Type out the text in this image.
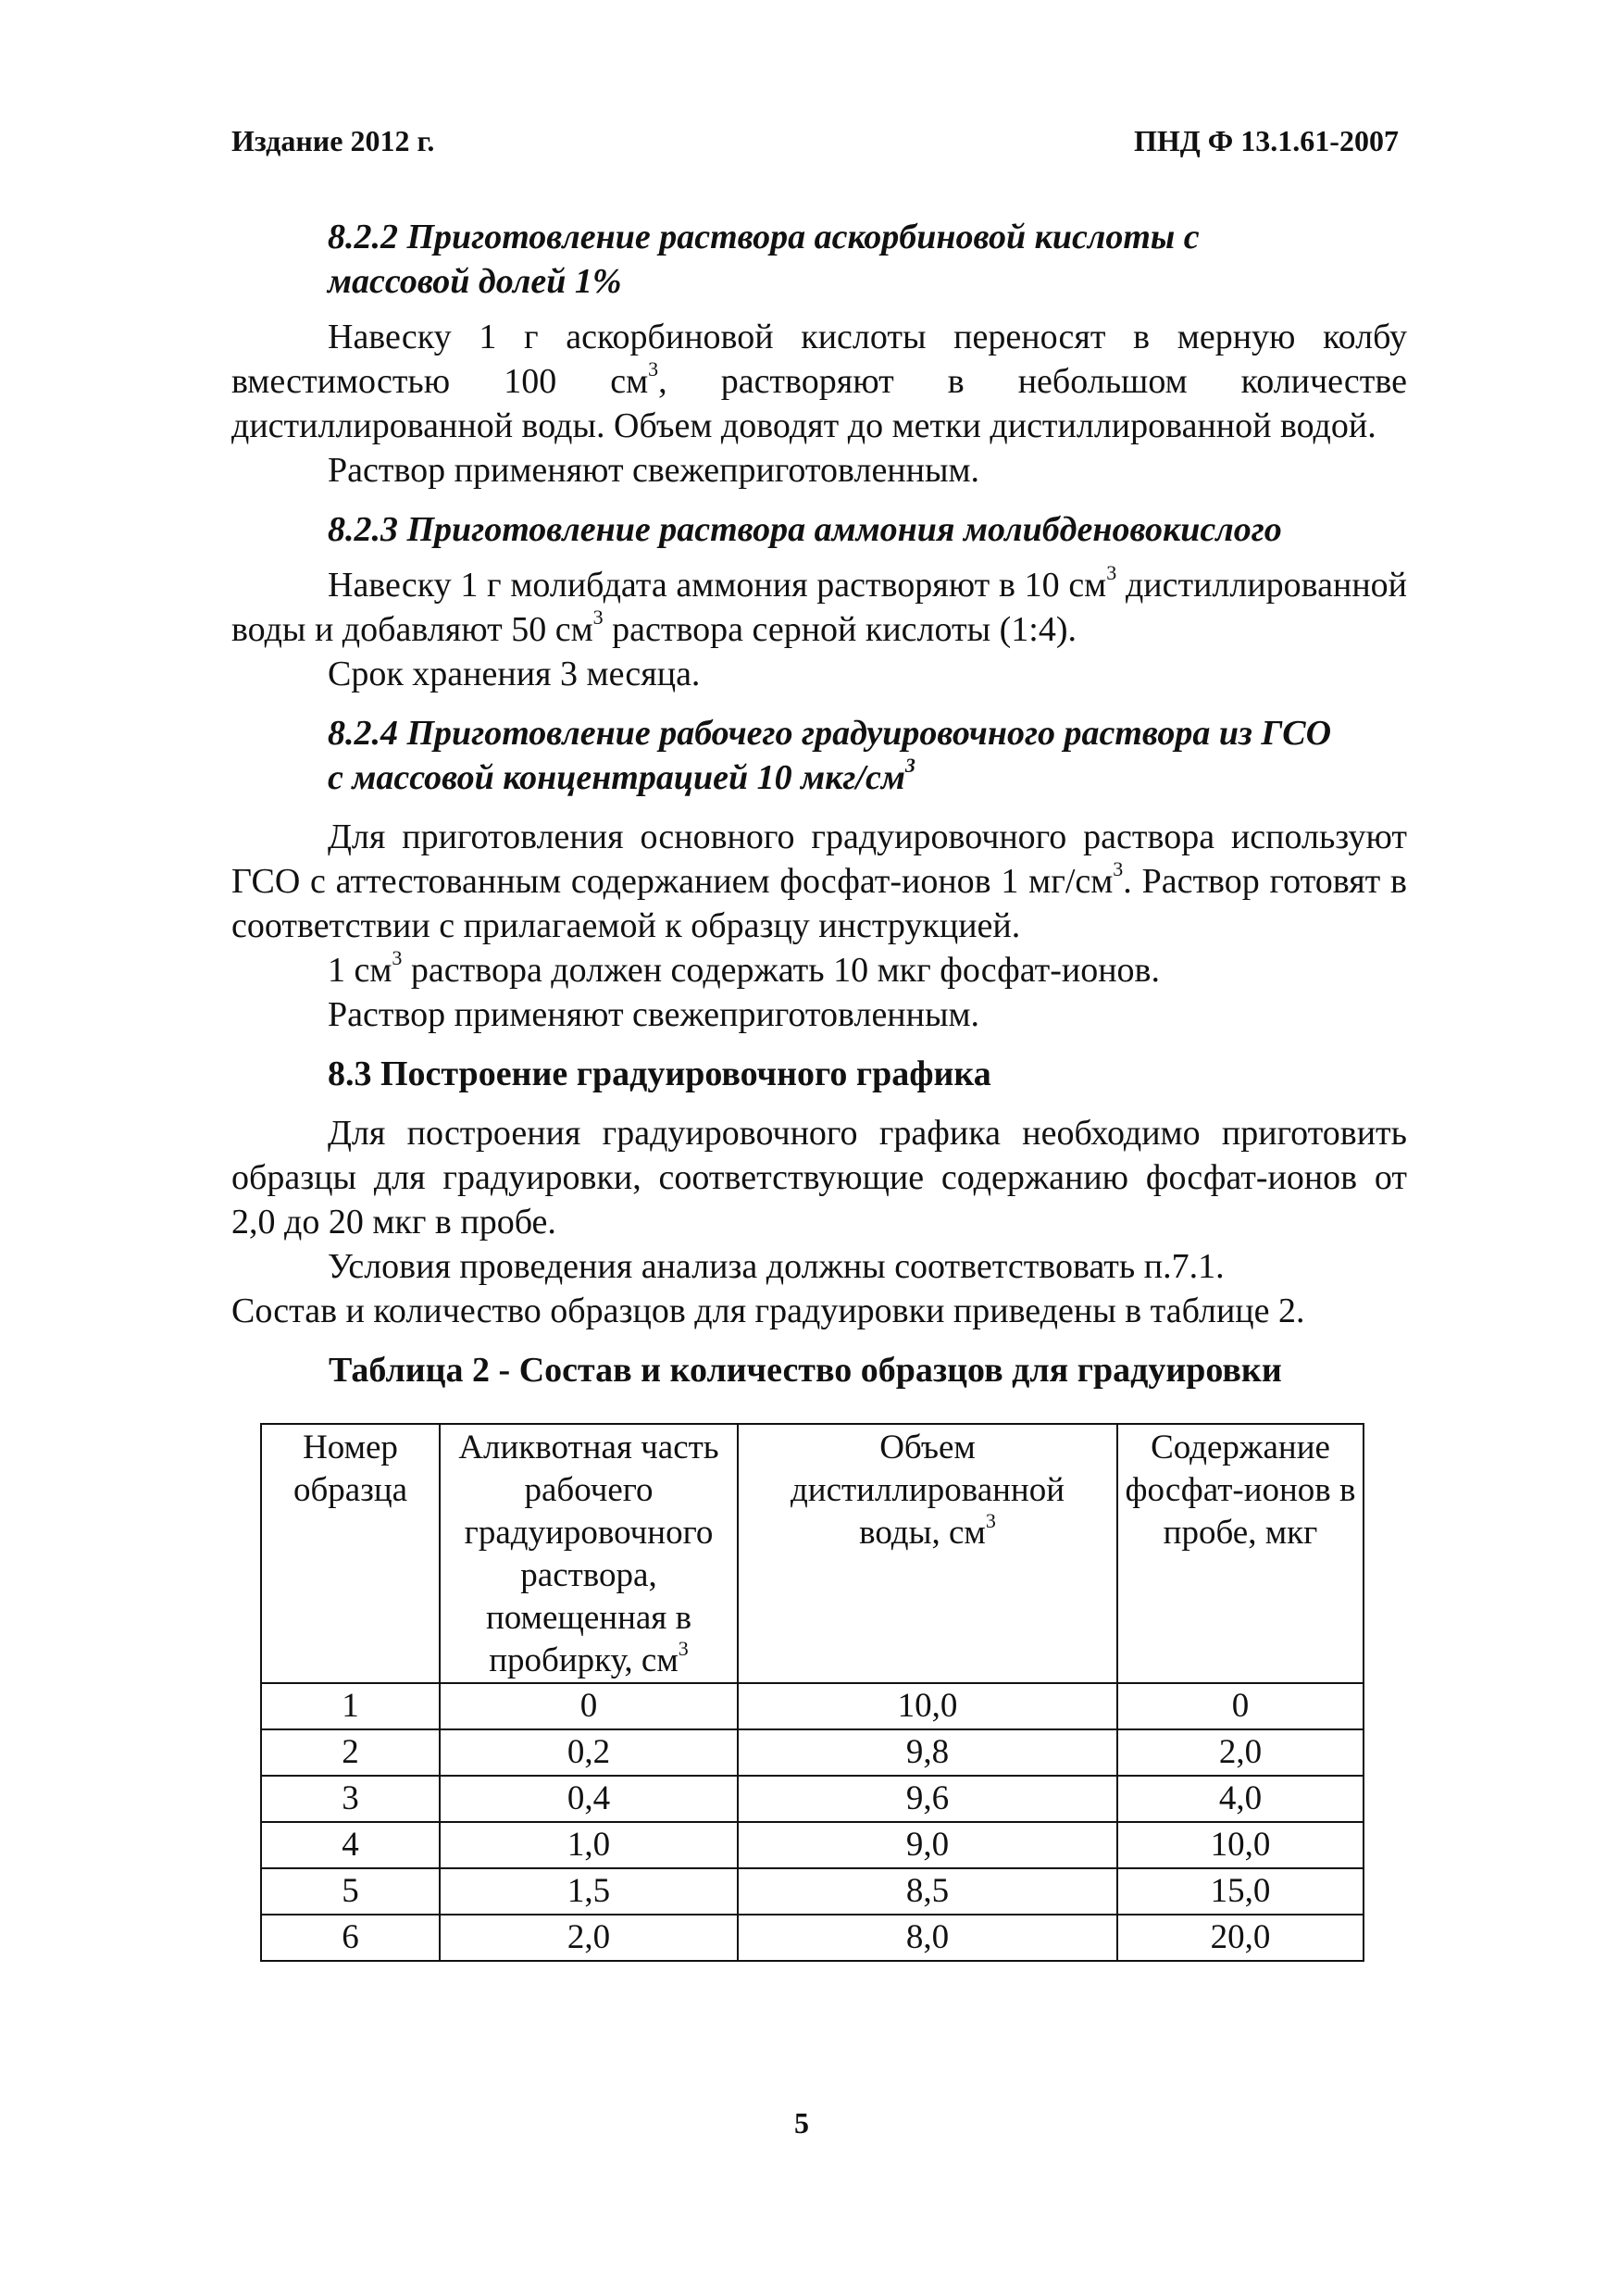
Издание 2012 г.	ПНД Ф 13.1.61-2007
8.2.2 Приготовление раствора аскорбиновой кислоты с
массовой долей 1%

Навеску 1 г аскорбиновой кислоты переносят в мерную колбу вместимостью 100 $см^3$, растворяют в небольшом количестве дистиллированной воды. Объем доводят до метки дистиллированной водой.

Раствор применяют свежеприготовленным.

8.2.3 Приготовление раствора аммония молибденовокислого

Навеску 1 г молибдата аммония растворяют в 10 $см^3$ дистиллированной воды и добавляют 50 $см^3$ раствора серной кислоты (1:4).

Срок хранения 3 месяца.

8.2.4 Приготовление рабочего градуировочного раствора из ГСО
с массовой концентрацией 10 мкг/$см^3$

Для приготовления основного градуировочного раствора используют ГСО с аттестованным содержанием фосфат-ионов 1 $мг/см^3$. Раствор готовят в соответствии с прилагаемой к образцу инструкцией.

1 $см^3$ раствора должен содержать 10 мкг фосфат-ионов.

Раствор применяют свежеприготовленным.

8.3 Построение градуировочного графика

Для построения градуировочного графика необходимо приготовить образцы для градуировки, соответствующие содержанию фосфат-ионов от 2,0 до 20 мкг в пробе.

Условия проведения анализа должны соответствовать п.7.1.

Состав и количество образцов для градуировки приведены в таблице 2.

Таблица 2 - Состав и количество образцов для градуировки
Номер образца	Аликвотная часть рабочего градуировочного раствора, помещенная в пробирку, $см^3$	Объем дистиллированной воды, $см^3$	Содержание фосфат-ионов в пробе, мкг

1	0	10,0	0
2	0,2	9,8	2,0
3	0,4	9,6	4,0
4	1,0	9,0	10,0
5	1,5	8,5	15,0
6	2,0	8,0	20,0
5
